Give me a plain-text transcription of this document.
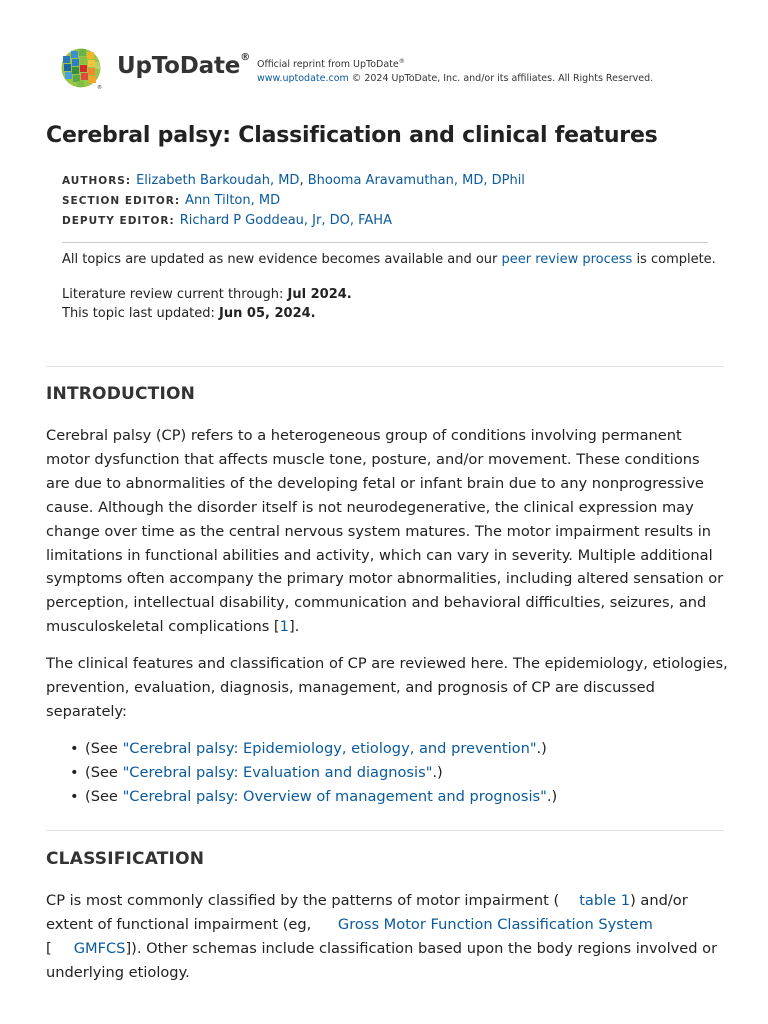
®
UpToDate®
Official reprint from UpToDate®
www.uptodate.com © 2024 UpToDate, Inc. and/or its affiliates. All Rights Reserved.
Cerebral palsy: Classification and clinical features
AUTHORS: Elizabeth Barkoudah, MD, Bhooma Aravamuthan, MD, DPhil
SECTION EDITOR: Ann Tilton, MD
DEPUTY EDITOR: Richard P Goddeau, Jr, DO, FAHA
All topics are updated as new evidence becomes available and our peer review process is complete.
Literature review current through: Jul 2024.
This topic last updated: Jun 05, 2024.
INTRODUCTION
Cerebral palsy (CP) refers to a heterogeneous group of conditions involving permanent
motor dysfunction that affects muscle tone, posture, and/or movement. These conditions
are due to abnormalities of the developing fetal or infant brain due to any nonprogressive
cause. Although the disorder itself is not neurodegenerative, the clinical expression may
change over time as the central nervous system matures. The motor impairment results in
limitations in functional abilities and activity, which can vary in severity. Multiple additional
symptoms often accompany the primary motor abnormalities, including altered sensation or
perception, intellectual disability, communication and behavioral difficulties, seizures, and
musculoskeletal complications [1].
The clinical features and classification of CP are reviewed here. The epidemiology, etiologies,
prevention, evaluation, diagnosis, management, and prognosis of CP are discussed
separately:
• (See "Cerebral palsy: Epidemiology, etiology, and prevention".)
• (See "Cerebral palsy: Evaluation and diagnosis".)
• (See "Cerebral palsy: Overview of management and prognosis".)
CLASSIFICATION
CP is most commonly classified by the patterns of motor impairment ( table 1) and/or
extent of functional impairment (eg, Gross Motor Function Classification System
[ GMFCS]). Other schemas include classification based upon the body regions involved or
underlying etiology.
